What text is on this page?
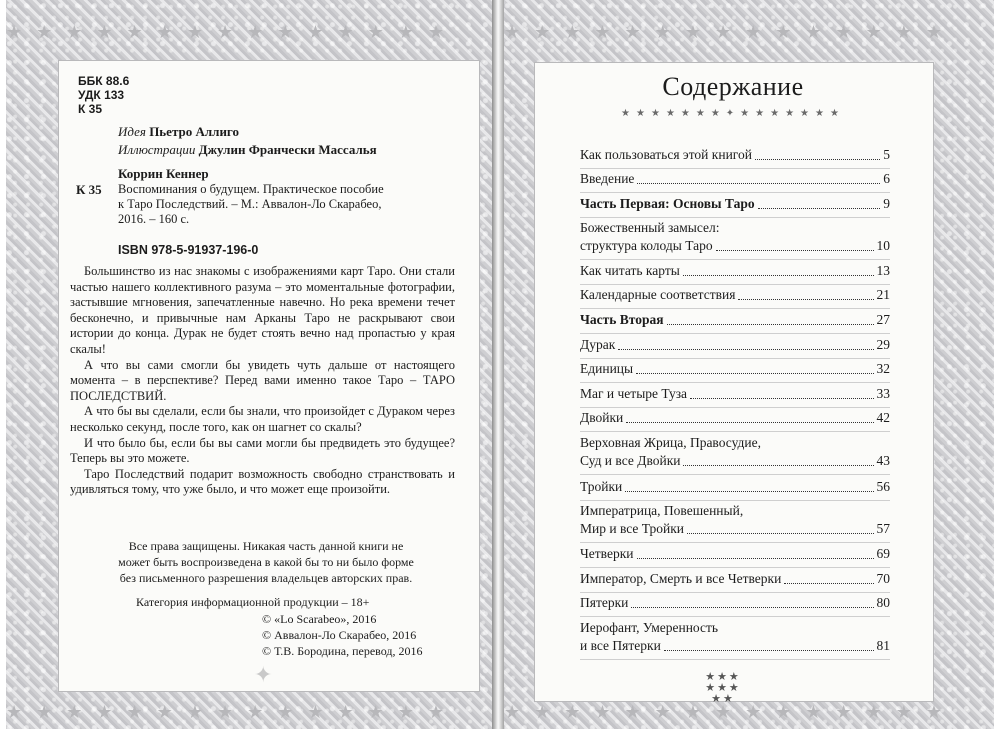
★★★★★★★★★★★★★★★
★★★★★★★★★★★★★★★
ББК 88.6
УДК 133
К 35
Идея Пьетро Аллиго
Иллюстрации Джулин Франчески Массалья
Коррин Кеннер
К 35 Воспоминания о будущем. Практическое пособие
к Таро Последствий. – М.: Аввалон-Ло Скарабео,
2016. – 160 с.
ISBN 978-5-91937-196-0

Большинство из нас знакомы с изображениями карт Таро. Они стали частью нашего коллективного разума – это моментальные фотографии, застывшие мгновения, запечатленные навечно. Но река времени течет бесконечно, и привычные нам Арканы Таро не раскрывают свои истории до конца. Дурак не будет стоять вечно над пропастью у края скалы!

А что вы сами смогли бы увидеть чуть дальше от настоящего момента – в перспективе? Перед вами именно такое Таро – ТАРО ПОСЛЕДСТВИЙ.

А что бы вы сделали, если бы знали, что произойдет с Дураком через несколько секунд, после того, как он шагнет со скалы?

И что было бы, если бы вы сами могли бы предвидеть это будущее? Теперь вы это можете.

Таро Последствий подарит возможность свободно странствовать и удивляться тому, что уже было, и что может еще произойти.

Все права защищены. Никакая часть данной книги не
может быть воспроизведена в какой бы то ни было форме
без письменного разрешения владельцев авторских прав.
Категория информационной продукции – 18+
© «Lo Scarabeo», 2016
© Аввалон-Ло Скарабео, 2016
© Т.В. Бородина, перевод, 2016
✦
★★★★★★★★★★★★★★★
★★★★★★★★★★★★★★★
Содержание
★★★★★★★✦★★★★★★★
Как пользоваться этой книгой	5
Введение	6
Часть Первая: Основы Таро	9
Божественный замысел:
структура колоды Таро	10
Как читать карты	13
Календарные соответствия	21
Часть Вторая	27
Дурак	29
Единицы	32
Маг и четыре Туза	33
Двойки	42
Верховная Жрица, Правосудие,
Суд и все Двойки	43
Тройки	56
Императрица, Повешенный,
Мир и все Тройки	57
Четверки	69
Император, Смерть и все Четверки	70
Пятерки	80
Иерофант, Умеренность
и все Пятерки	81
★★★
★★★
★★
